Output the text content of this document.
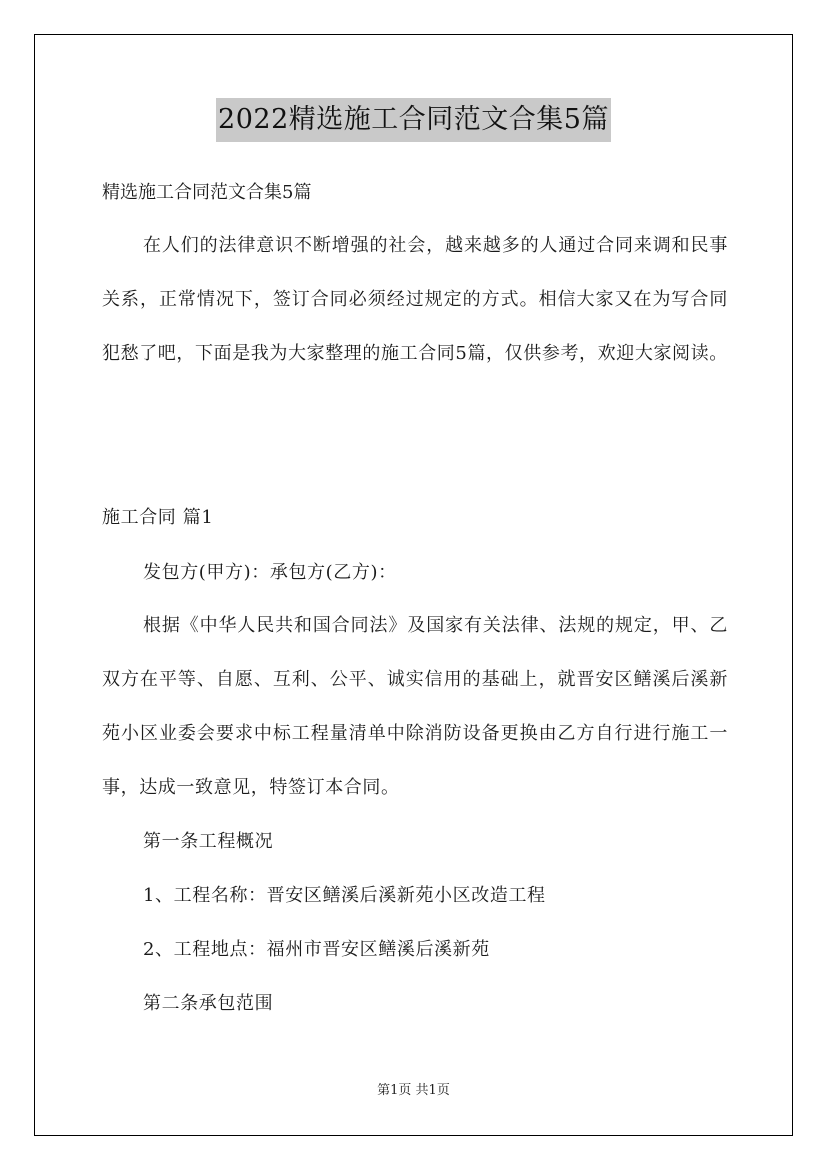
2022精选施工合同范文合集5篇
精选施工合同范文合集5篇
在人们的法律意识不断增强的社会，越来越多的人通过合同来调和民事关系，正常情况下，签订合同必须经过规定的方式。相信大家又在为写合同犯愁了吧，下面是我为大家整理的施工合同5篇，仅供参考，欢迎大家阅读。
施工合同 篇1
发包方(甲方)：承包方(乙方)：
根据《中华人民共和国合同法》及国家有关法律、法规的规定，甲、乙双方在平等、自愿、互利、公平、诚实信用的基础上，就晋安区鳝溪后溪新苑小区业委会要求中标工程量清单中除消防设备更换由乙方自行进行施工一事，达成一致意见，特签订本合同。
第一条工程概况
1、工程名称：晋安区鳝溪后溪新苑小区改造工程
2、工程地点：福州市晋安区鳝溪后溪新苑
第二条承包范围
第1页 共1页
